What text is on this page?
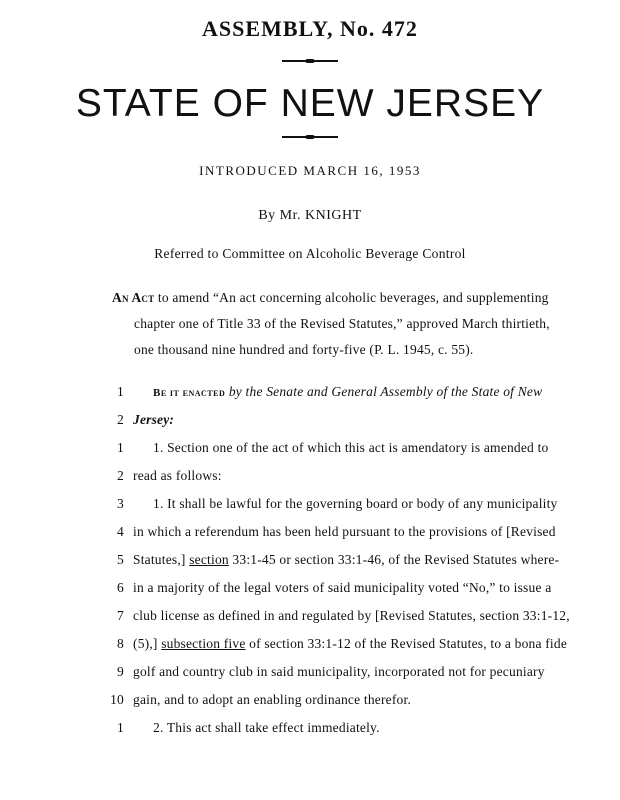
ASSEMBLY, No. 472
STATE OF NEW JERSEY
INTRODUCED MARCH 16, 1953
By Mr. KNIGHT
Referred to Committee on Alcoholic Beverage Control
An Act to amend “An act concerning alcoholic beverages, and supplementing
chapter one of Title 33 of the Revised Statutes,” approved March thirtieth,
one thousand nine hundred and forty-five (P. L. 1945, c. 55).
1	Be it enacted by the Senate and General Assembly of the State of New
2 Jersey:
1 1. Section one of the act of which this act is amendatory is amended to
2 read as follows:
3 1. It shall be lawful for the governing board or body of any municipality
4 in which a referendum has been held pursuant to the provisions of [Revised
5 Statutes,] section 33:1-45 or section 33:1-46, of the Revised Statutes where-
6 in a majority of the legal voters of said municipality voted “No,” to issue a
7 club license as defined in and regulated by [Revised Statutes, section 33:1-12,
8 (5),] subsection five of section 33:1-12 of the Revised Statutes, to a bona fide
9 golf and country club in said municipality, incorporated not for pecuniary
10 gain, and to adopt an enabling ordinance therefor.
1 2. This act shall take effect immediately.
